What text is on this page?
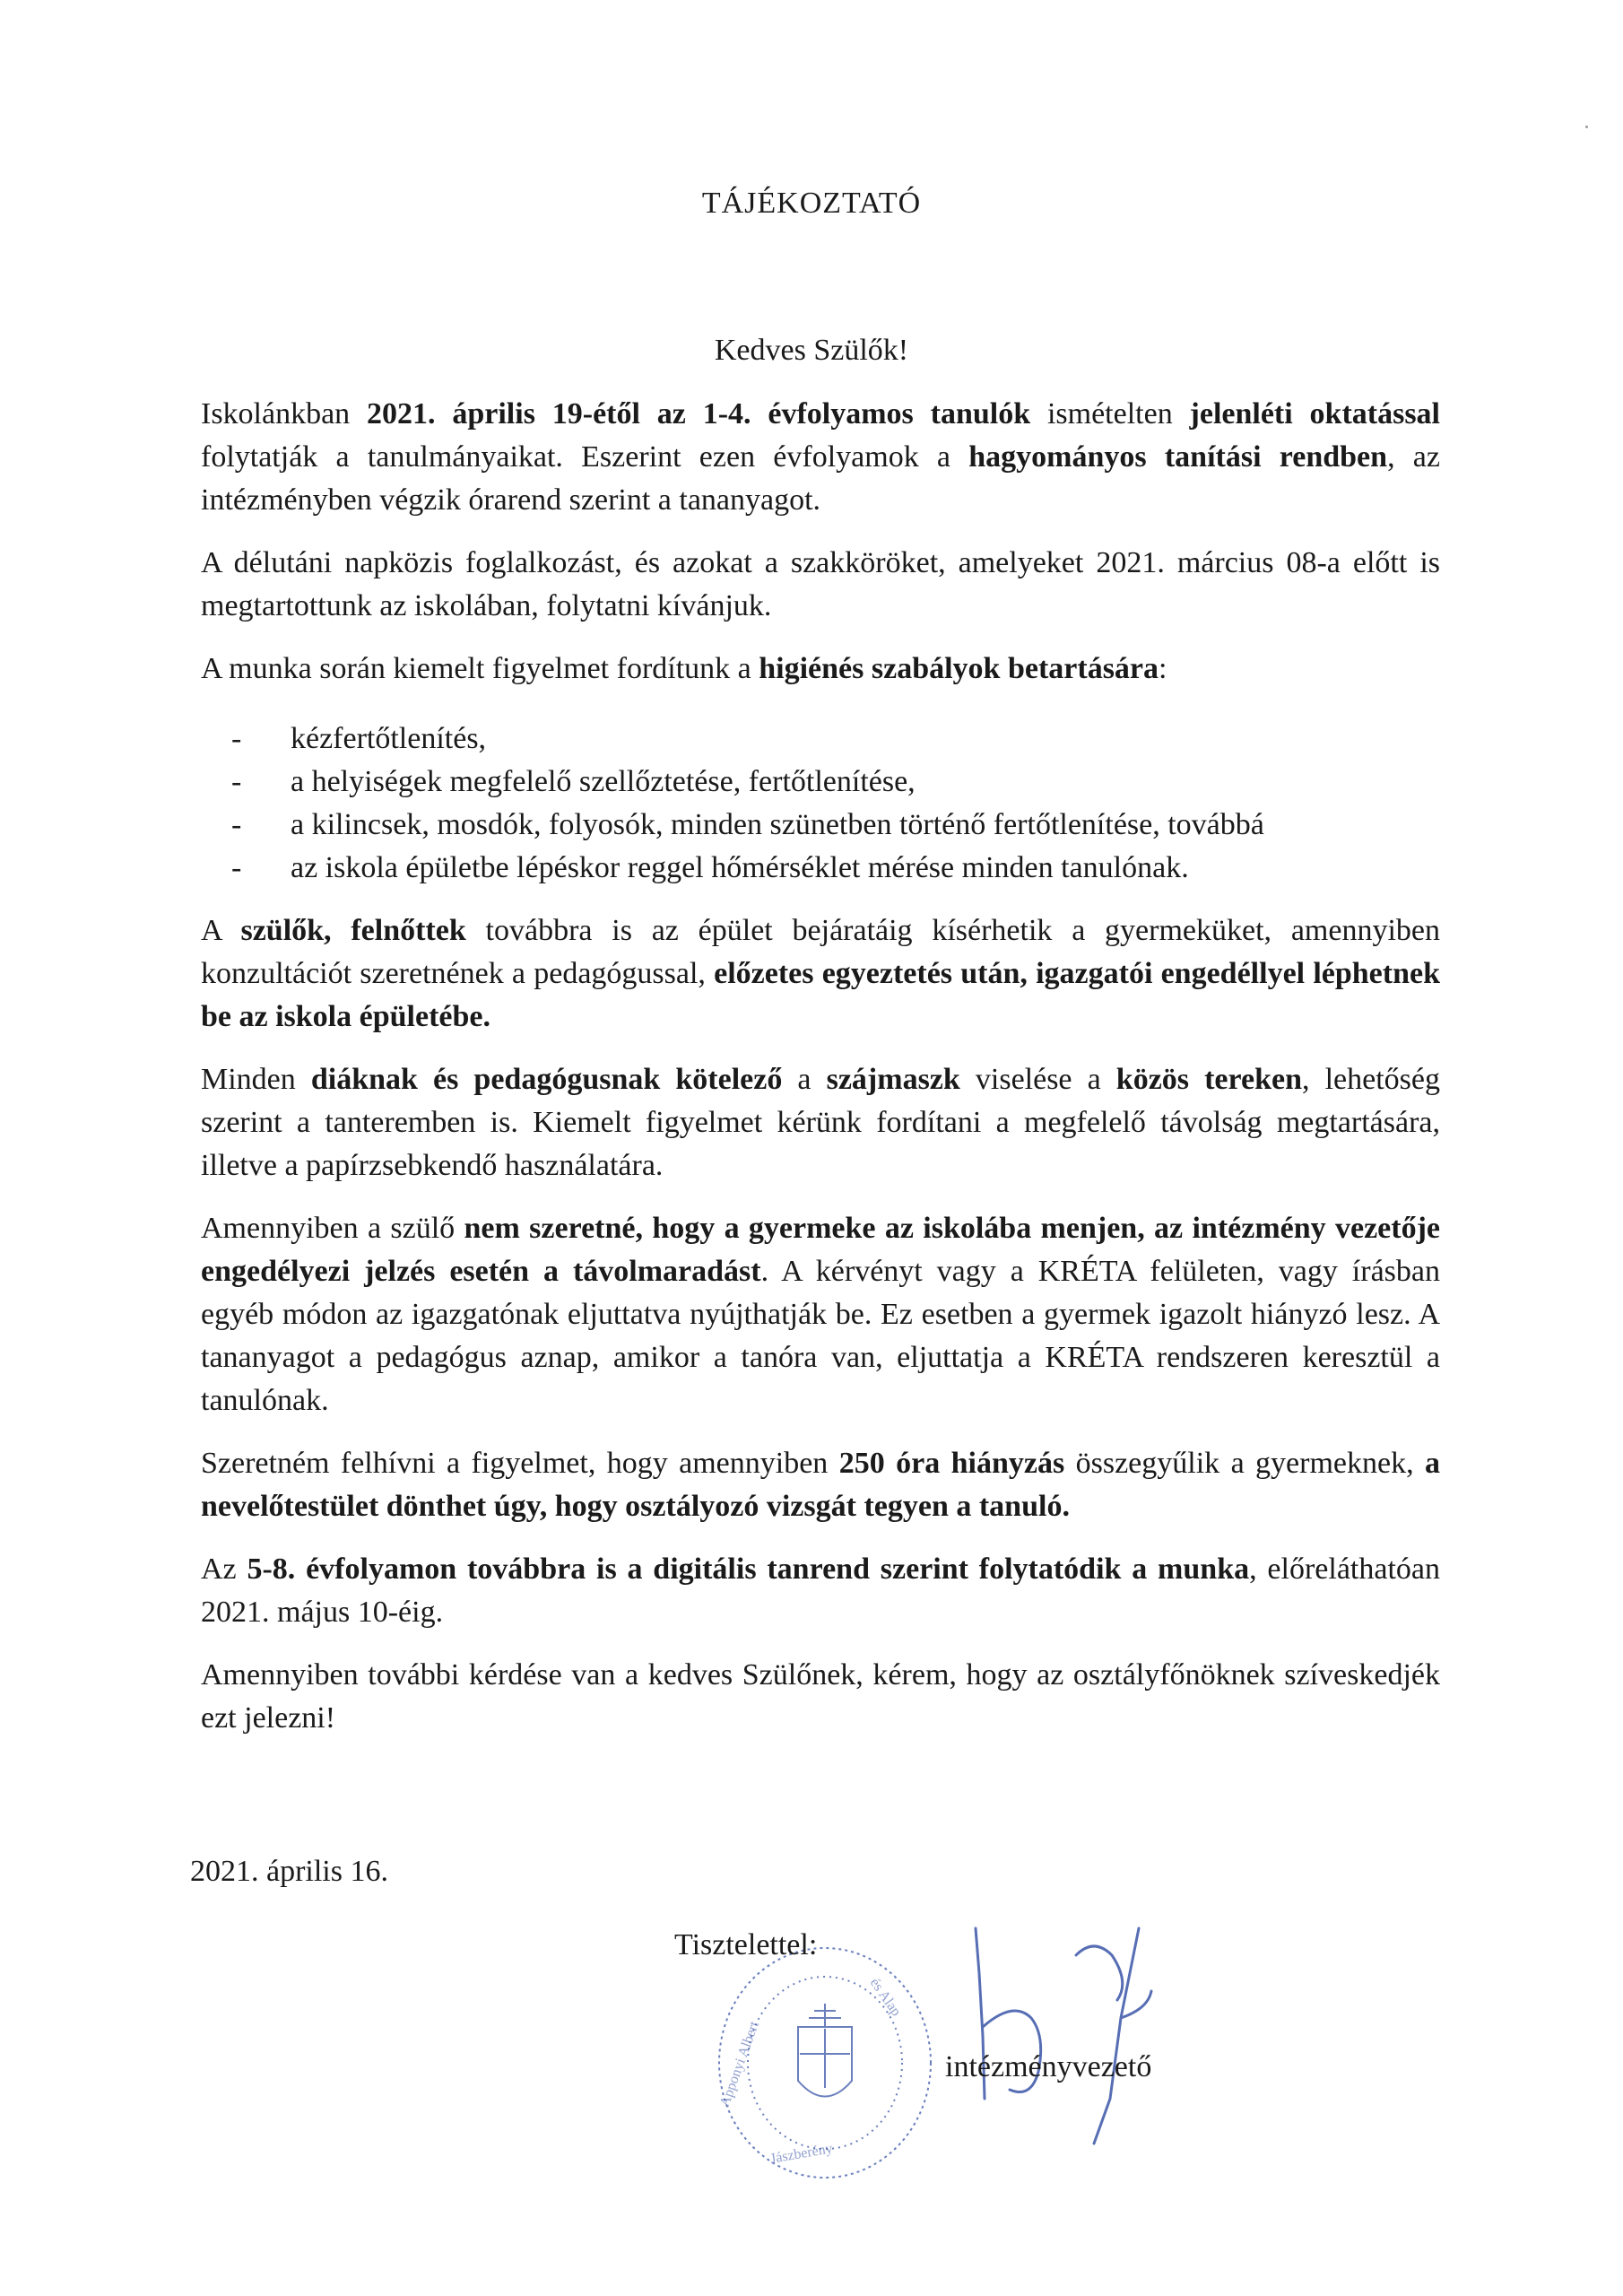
TÁJÉKOZTATÓ
Kedves Szülők!

Iskolánkban 2021. április 19-étől az 1-4. évfolyamos tanulók ismételten jelenléti oktatással folytatják a tanulmányaikat. Eszerint ezen évfolyamok a hagyományos tanítási rendben, az intézményben végzik órarend szerint a tananyagot.

A délutáni napközis foglalkozást, és azokat a szakköröket, amelyeket 2021. március 08-a előtt is megtartottunk az iskolában, folytatni kívánjuk.

A munka során kiemelt figyelmet fordítunk a higiénés szabályok betartására:

- kézfertőtlenítés,
- a helyiségek megfelelő szellőztetése, fertőtlenítése,
- a kilincsek, mosdók, folyosók, minden szünetben történő fertőtlenítése, továbbá
- az iskola épületbe lépéskor reggel hőmérséklet mérése minden tanulónak.

A szülők, felnőttek továbbra is az épület bejáratáig kísérhetik a gyermeküket, amennyiben konzultációt szeretnének a pedagógussal, előzetes egyeztetés után, igazgatói engedéllyel léphetnek be az iskola épületébe.

Minden diáknak és pedagógusnak kötelező a szájmaszk viselése a közös tereken, lehetőség szerint a tanteremben is. Kiemelt figyelmet kérünk fordítani a megfelelő távolság megtartására, illetve a papírzsebkendő használatára.

Amennyiben a szülő nem szeretné, hogy a gyermeke az iskolába menjen, az intézmény vezetője engedélyezi jelzés esetén a távolmaradást. A kérvényt vagy a KRÉTA felületen, vagy írásban egyéb módon az igazgatónak eljuttatva nyújthatják be. Ez esetben a gyermek igazolt hiányzó lesz. A tananyagot a pedagógus aznap, amikor a tanóra van, eljuttatja a KRÉTA rendszeren keresztül a tanulónak.

Szeretném felhívni a figyelmet, hogy amennyiben 250 óra hiányzás összegyűlik a gyermeknek, a nevelőtestület dönthet úgy, hogy osztályozó vizsgát tegyen a tanuló.

Az 5-8. évfolyamon továbbra is a digitális tanrend szerint folytatódik a munka, előreláthatóan 2021. május 10-éig.

Amennyiben további kérdése van a kedves Szülőnek, kérem, hogy az osztályfőnöknek szíveskedjék ezt jelezni!

2021. április 16.
Apponyi Albert
és Alap
Jászberény
Tisztelettel:
intézményvezető
